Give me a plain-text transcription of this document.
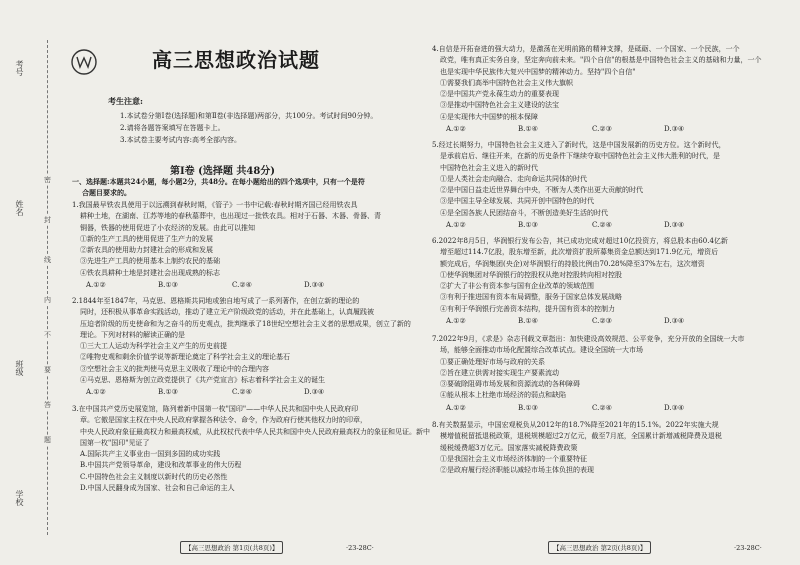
考号
姓名
班级
学校
密
封
线
内
不
要
答
题
高三思想政治试题
考生注意:
1.本试卷分第Ⅰ卷(选择题)和第Ⅱ卷(非选择题)两部分，共100分。考试时间90分钟。
2.请将各题答案填写在答题卡上。
3.本试卷主要考试内容:高考全部内容。
第Ⅰ卷 (选择题 共48分)

一、选择题:本题共24小题，每小题2分，共48分。在每小题给出的四个选项中，只有一个是符

合题目要求的。

1.我国最早铁农具使用于以远溯到春秋时期，《管子》一书中记载:春秋时期齐国已经用铁农具

耕种土地，在湖南、江苏等地的春秋墓葬中，也出现过一批铁农具。相对于石器、木器、骨器、青

铜器，铁器的使用促进了小农经济的发展。由此可以推知

①新的生产工具的使用促进了生产力的发展

②新农具的使用助力封建社会的形成和发展

③先进生产工具的使用基本上制约农民的基础

④铁农具耕种土地是封建社会出现成熟的标志

A.①②	B.①③	C.②④	D.③④

2.1844年至1847年，马克思、恩格斯共同地或独自地写成了一系列著作，在创立新的理论的

同时，还积极从事革命实践活动，推动了建立无产阶级政党的活动，并在此基础上，认真履践被

压迫者阶级的历史使命和为之奋斗的历史观点，批判继承了18世纪空想社会主义者的思想成果，创立了新的

理论。下列对材料的解读正确的是

①三大工人运动为科学社会主义产生的历史前提

②唯物史观和剩余价值学说等新理论奠定了科学社会主义的理论基石

③空想社会主义的批判使马克思主义吸收了理论中的合理内容

④马克思、恩格斯为创立政党提供了《共产党宣言》标志着科学社会主义的诞生

A.①②	B.①③	C.②④	D.③④

3.在中国共产党历史展览馆，陈列着新中国第一枚"国印"——中华人民共和国中央人民政府印

章。它傲是国家主权在中央人民政府掌握各种法令、命令，作为政府行使其他权力时的印章，

中央人民政府象征最高权力和最高权威，从此权杖代表中华人民共和国中央人民政府最高权力的象征和见证。新中

国第一枚"国印"见证了

A.国际共产主义事业由一国到多国的成功实践

B.中国共产党领导革命，建设和改革事业的伟大历程

C.中国特色社会主义制度以新时代的历史必然性

D.中国人民翻身成为国家、社会和自己命运的主人

【高三思想政治 第1页(共8页)】	·23-28C·

4.自信是开拓奋进的强大动力，是激荡在光明前路的精神支撑，是砥砺、一个国家、一个民族，一个

政党，唯有真正实务自身，坚定奔向前未来。"四个自信"的根基是中国特色社会主义的基础和力量，一个

也是实现中华民族伟大复兴中国梦的精神动力。坚持"四个自信"

①需要我们高举中国特色社会主义伟大旗帜

②是中国共产党永葆生动力的重要表现

③是推动中国特色社会主义建设的法宝

④是实现伟大中国梦的根本保障

A.①②	B.①④	C.②③	D.③④

5.经过长期努力，中国特色社会主义进入了新时代，这是中国发展新的历史方位。这个新时代，

是承前启后、继往开来，在新的历史条件下继续夺取中国特色社会主义伟大胜利的时代，是

中国特色社会主义进入的新时代

①是人类社会走向融合、走向命运共同体的时代

②是中国日益走近世界舞台中央，不断为人类作出更大贡献的时代

③是中国主导全球发展、共同开创中国特色的时代

④是全国各族人民团结奋斗，不断创造美好生活的时代

A.①②	B.①③	C.②④	D.③④

6.2022年8月5日，华润银行发布公告，其已成功完成对超过10亿投资方，将总股本由60.4亿新

增至超过114.7亿股，股东增至新，此次增资扩股所募集资金总额达到171.9亿元，增资后

额完成后，华润集团(央企)对华润银行的持股比例由70.28%降至37%左右，这次增资

①使华润集团对华润银行的控股权从绝对控股转向相对控股

②扩大了非公有资本参与国有企业改革的领域范围

③有利于推进国有资本布局调整，服务于国家总体发展战略

④有利于华润银行完善资本结构，提升国有资本的控制力

A.①②	B.①④	C.②③	D.③④

7.2022年9月，《求是》杂志刊载文章指出：加快建设高效规范、公平竞争，充分开放的全国统一大市

场，能够全面推动市场化配置综合改革试点。建设全国统一大市场

①要正确处理好市场与政府的关系

②旨在建立供需对接实现生产要素流动

③要破除阻碍市场发展和资源流动的各种障碍

④能从根本上杜绝市场经济的弱点和缺陷

A.①②	B.①③	C.②④	D.③④

8.有关数据显示，中国宏观税负从2012年的18.7%降至2021年的15.1%。2022年实施大规

模增值税留抵退税政策，退税规模超过2万亿元，截至7月底，全国累计新增减税降费及退税

缓税缓费超3万亿元。国家落实减税降费政策

①是我国社会主义市场经济体制的一个重要特征

②是政府履行经济职能以减轻市场主体负担的表现

【高三思想政治 第2页(共8页)】	·23-28C·
